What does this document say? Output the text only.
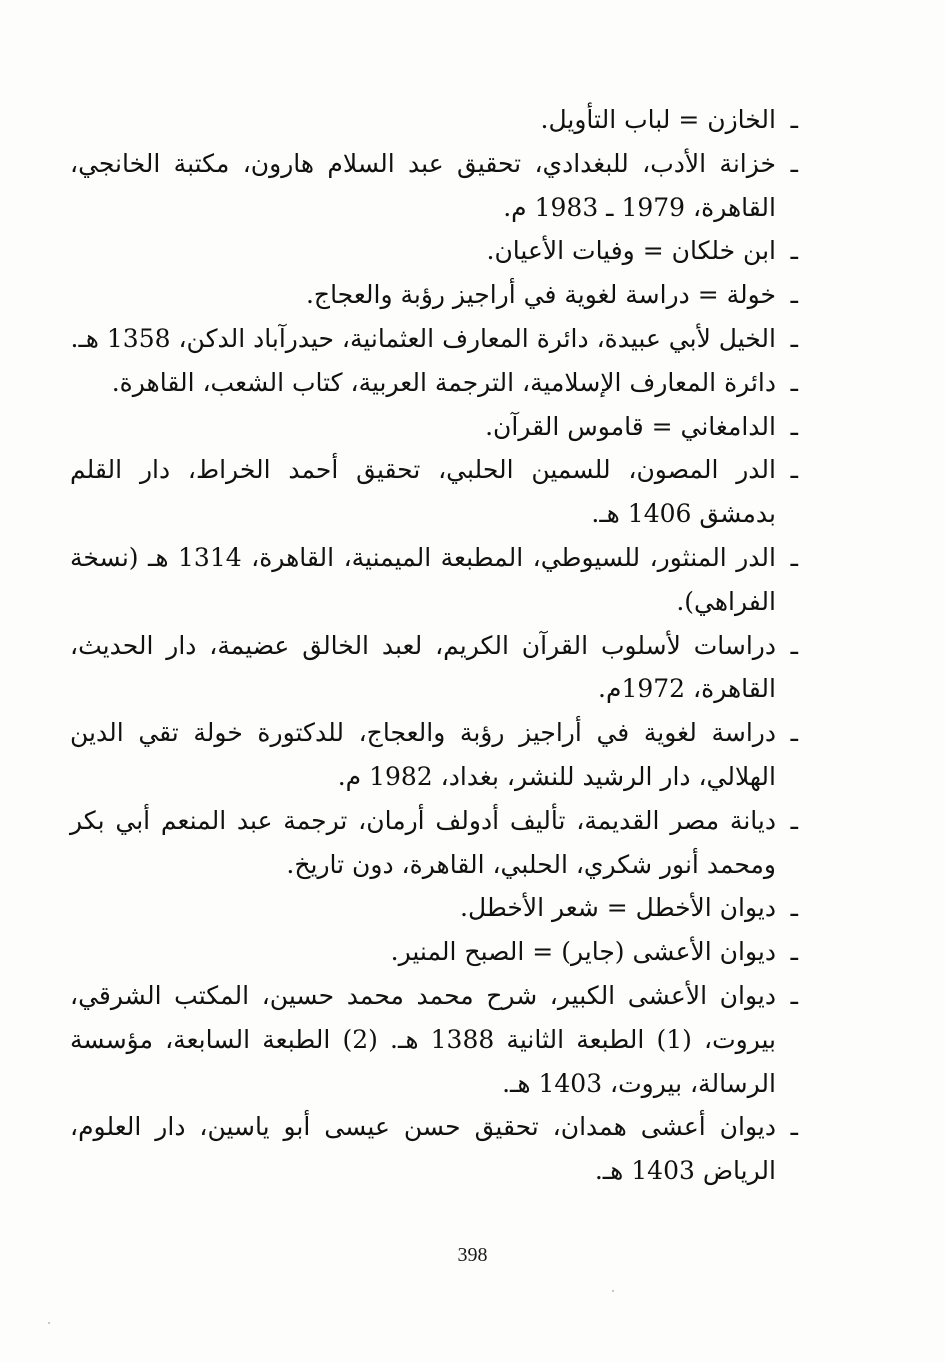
ـ
الخازن = لباب التأويل.
ـ
خزانة الأدب، للبغدادي، تحقيق عبد السلام هارون، مكتبة الخانجي، القاهرة، 1979 ـ 1983 م.
ـ
ابن خلكان = وفيات الأعيان.
ـ
خولة = دراسة لغوية في أراجيز رؤبة والعجاج.
ـ
الخيل لأبي عبيدة، دائرة المعارف العثمانية، حيدرآباد الدكن، 1358 هـ.
ـ
دائرة المعارف الإسلامية، الترجمة العربية، كتاب الشعب، القاهرة.
ـ
الدامغاني = قاموس القرآن.
ـ
الدر المصون، للسمين الحلبي، تحقيق أحمد الخراط، دار القلم بدمشق 1406 هـ.
ـ
الدر المنثور، للسيوطي، المطبعة الميمنية، القاهرة، 1314 هـ (نسخة الفراهي).
ـ
دراسات لأسلوب القرآن الكريم، لعبد الخالق عضيمة، دار الحديث، القاهرة، 1972م.
ـ
دراسة لغوية في أراجيز رؤبة والعجاج، للدكتورة خولة تقي الدين الهلالي، دار الرشيد للنشر، بغداد، 1982 م.
ـ
ديانة مصر القديمة، تأليف أدولف أرمان، ترجمة عبد المنعم أبي بكر ومحمد أنور شكري، الحلبي، القاهرة، دون تاريخ.
ـ
ديوان الأخطل = شعر الأخطل.
ـ
ديوان الأعشى (جاير) = الصبح المنير.
ـ
ديوان الأعشى الكبير، شرح محمد محمد حسين، المكتب الشرقي، بيروت، (1) الطبعة الثانية 1388 هـ. (2) الطبعة السابعة، مؤسسة الرسالة، بيروت، 1403 هـ.
ـ
ديوان أعشى همدان، تحقيق حسن عيسى أبو ياسين، دار العلوم، الرياض 1403 هـ.
398
